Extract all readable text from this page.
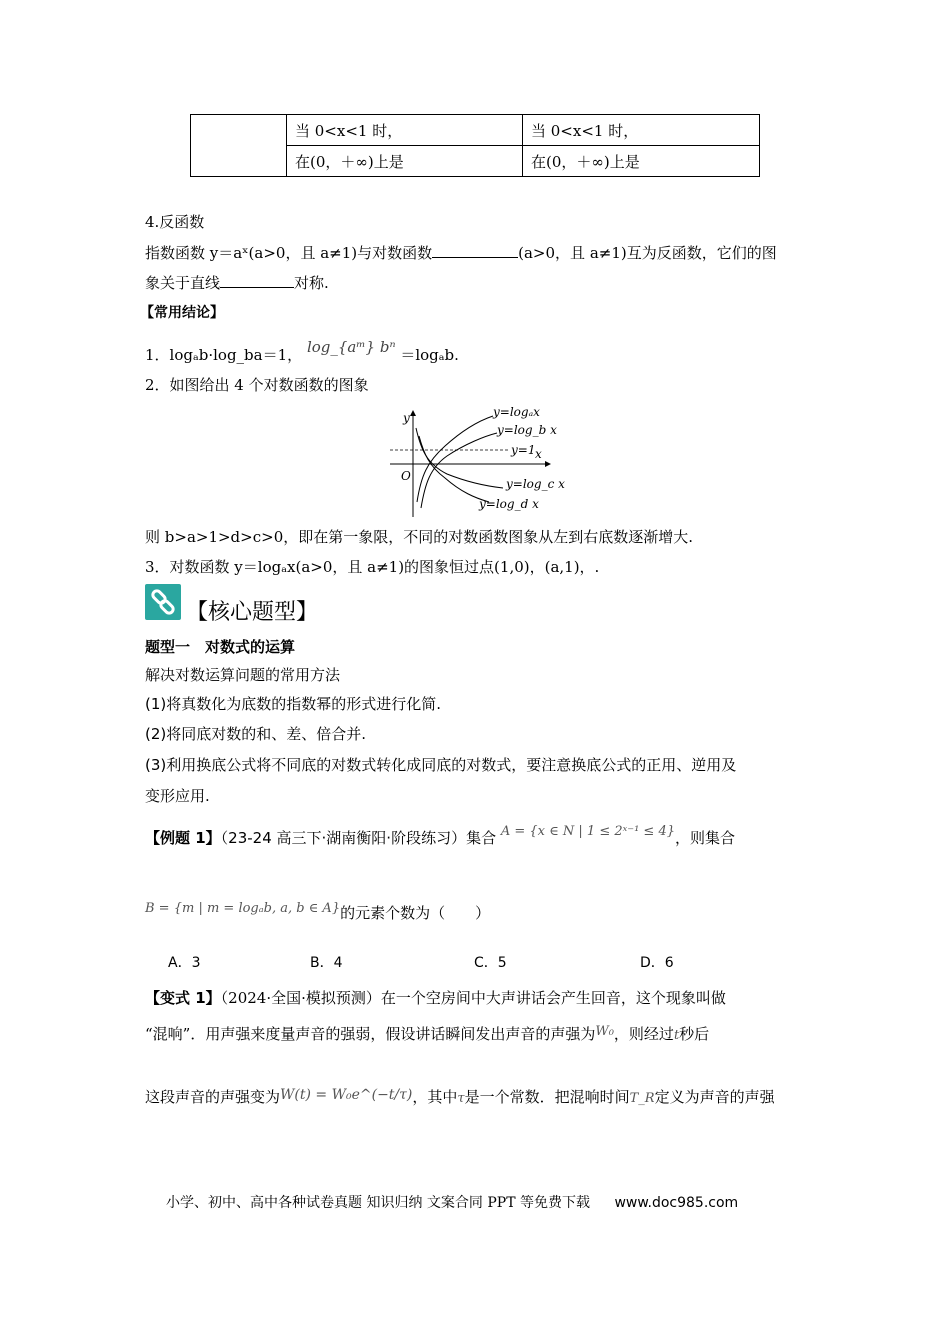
	当 0<x<1 时，	当 0<x<1 时，
	在(0，＋∞)上是	在(0，＋∞)上是
4.反函数
指数函数 y＝aˣ(a>0，且 a≠1)与对数函数	(a>0，且 a≠1)互为反函数，它们的图
象关于直线	对称.
【常用结论】
1．logₐb·log_ba＝1， log_{aᵐ} bⁿ ＝logₐb.
2．如图给出 4 个对数函数的图象
y
x
O
y=logₐx
y=log_b x
y=1
y=log_c x
y=log_d x
则 b>a>1>d>c>0，即在第一象限，不同的对数函数图象从左到右底数逐渐增大.
3．对数函数 y＝logₐx(a>0，且 a≠1)的图象恒过点(1,0)，(a,1)，.
【核心题型】
题型一　对数式的运算
解决对数运算问题的常用方法
(1)将真数化为底数的指数幂的形式进行化简.
(2)将同底对数的和、差、倍合并.
(3)利用换底公式将不同底的对数式转化成同底的对数式，要注意换底公式的正用、逆用及
变形应用.
【例题 1】（23-24 高三下·湖南衡阳·阶段练习）集合 A = {x ∈ N | 1 ≤ 2ˣ⁻¹ ≤ 4}，则集合
B = {m | m = logₐb, a, b ∈ A}的元素个数为（　　）
A．3	B．4	C．5	D．6
【变式 1】（2024·全国·模拟预测）在一个空房间中大声讲话会产生回音，这个现象叫做
“混响”．用声强来度量声音的强弱，假设讲话瞬间发出声音的声强为W₀，则经过t秒后
这段声音的声强变为W(t) = W₀e^(−t/τ)，其中τ是一个常数．把混响时间T_R定义为声音的声强
小学、初中、高中各种试卷真题 知识归纳 文案合同 PPT 等免费下载 www.doc985.com
